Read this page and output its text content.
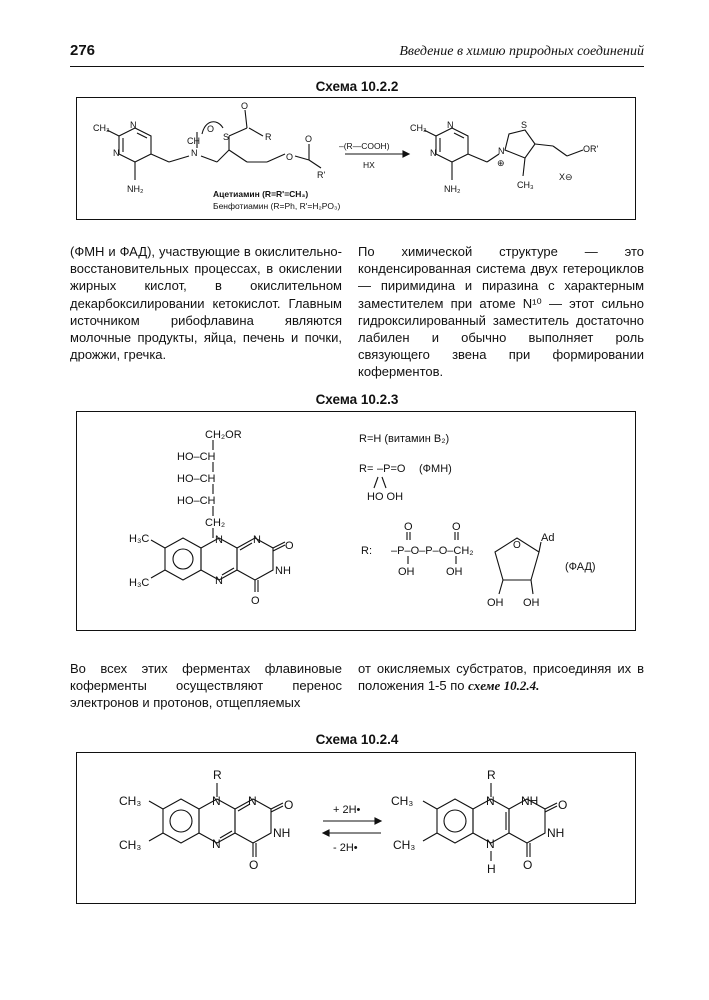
276	Введение в химию природных соединений
Схема 10.2.2
CH₃ N
N
NH₂
N
CH
O
S
O
R
O
O
R'
–(R—COOH)
HX
CH₃ N
N
NH₂
N
⊕
S
CH₃
OR'
X⊖
Ацетиамин (R=R'=CH₃)
Бенфотиамин (R=Ph, R'=H₂PO₃)

(ФМН и ФАД), участвующие в окислительно-восстановительных процессах, в окислении жирных кислот, в окислительном декарбоксилировании кетокислот. Главным источником рибофлавина являются молочные продукты, яйца, печень и почки, дрожжи, гречка.

По химической структуре — это конденсированная система двух гетероциклов — пиримидина и пиразина с характерным заместителем при атоме N¹⁰ — этот сильно гидроксилированный заместитель достаточно лабилен и обычно выполняет роль связующего звена при формировании коферментов.

Схема 10.2.3
CH₂OR
HO–CH
HO–CH
HO–CH
CH₂
H₃C
H₃C
N	N
N
NH
O
O
R=H (витамин B₂)
R= –P=O (ФМН)
HO OH
R: –P–O–P–O–CH₂
O	O
OH	OH
O
Ad
(ФАД)
OH OH

Во всех этих ферментах флавиновые коферменты осуществляют перенос электронов и протонов, отщепляемых

от окисляемых субстратов, присоединяя их в положения 1-5 по схеме 10.2.4.

Схема 10.2.4
R
CH₃
CH₃
N N
N
NH
O
O
+ 2H•
- 2H•
R
CH₃
CH₃
N NH
N
NH
H
O
O
